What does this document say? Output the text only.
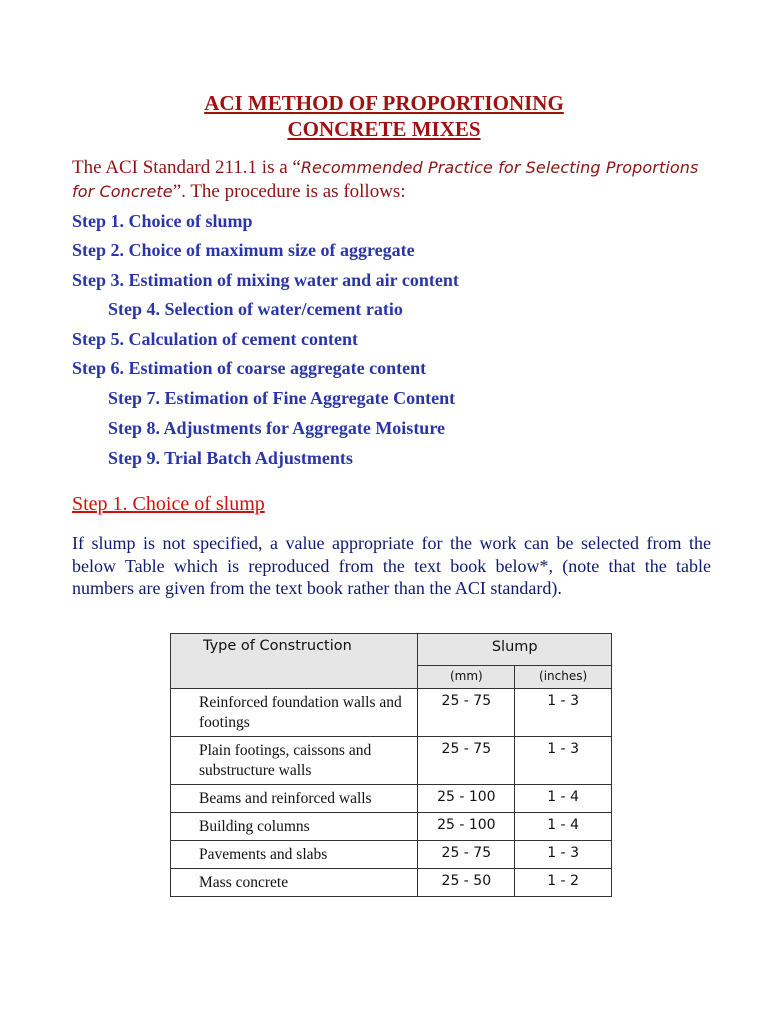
ACI METHOD OF PROPORTIONING
CONCRETE MIXES
The ACI Standard 211.1 is a “Recommended Practice for Selecting Proportions for Concrete”. The procedure is as follows:
Step 1. Choice of slump
Step 2. Choice of maximum size of aggregate
Step 3. Estimation of mixing water and air content
Step 4. Selection of water/cement ratio
Step 5. Calculation of cement content
Step 6. Estimation of coarse aggregate content
Step 7. Estimation of Fine Aggregate Content
Step 8. Adjustments for Aggregate Moisture
Step 9. Trial Batch Adjustments
Step 1. Choice of slump
If slump is not specified, a value appropriate for the work can be selected from the below Table which is reproduced from the text book below*, (note that the table numbers are given from the text book rather than the ACI standard).
Type of Construction	Slump	
	(mm)	(inches)
Reinforced foundation walls and footings	25 - 75	1 - 3
Plain footings, caissons and substructure walls	25 - 75	1 - 3
Beams and reinforced walls	25 - 100	1 - 4
Building columns	25 - 100	1 - 4
Pavements and slabs	25 - 75	1 - 3
Mass concrete	25 - 50	1 - 2
